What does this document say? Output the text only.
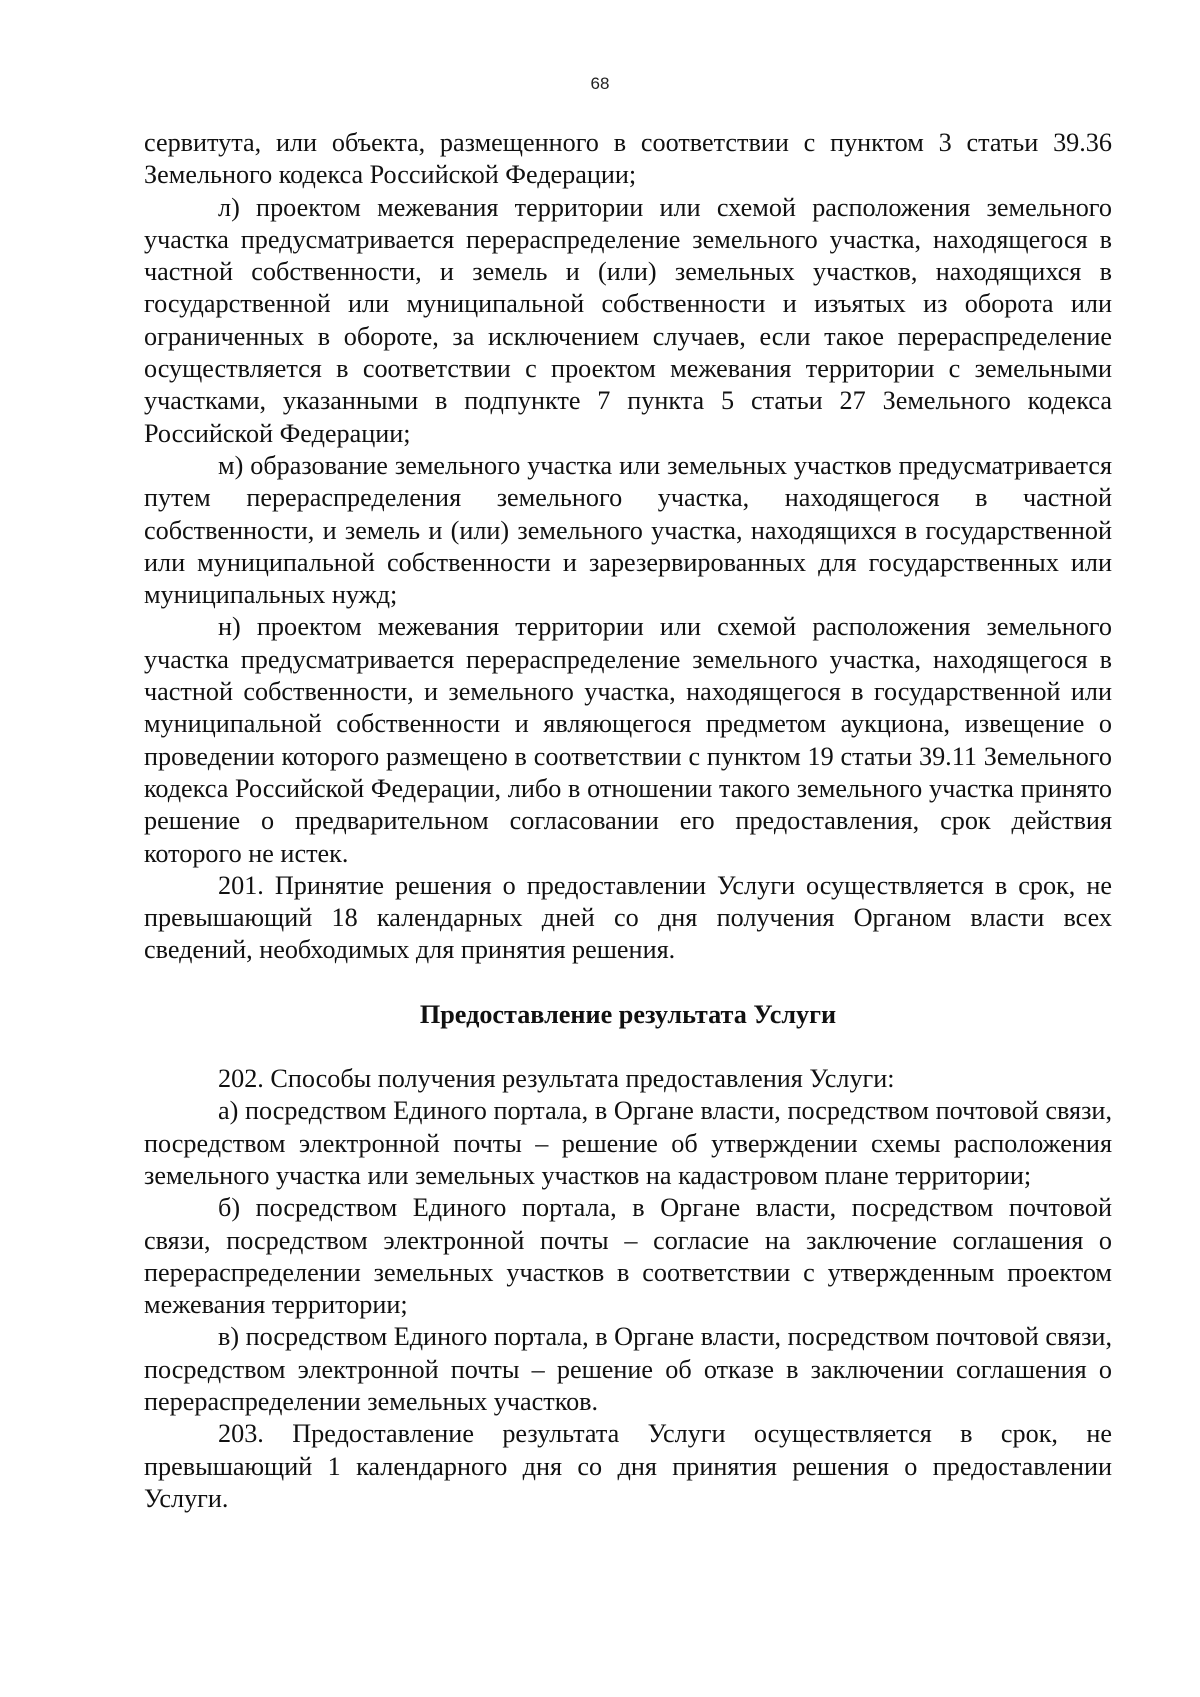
68

сервитута, или объекта, размещенного в соответствии с пунктом 3 статьи 39.36 Земельного кодекса Российской Федерации;

л) проектом межевания территории или схемой расположения земельного участка предусматривается перераспределение земельного участка, находящегося в частной собственности, и земель и (или) земельных участков, находящихся в государственной или муниципальной собственности и изъятых из оборота или ограниченных в обороте, за исключением случаев, если такое перераспределение осуществляется в соответствии с проектом межевания территории с земельными участками, указанными в подпункте 7 пункта 5 статьи 27 Земельного кодекса Российской Федерации;

м) образование земельного участка или земельных участков предусматривается путем перераспределения земельного участка, находящегося в частной собственности, и земель и (или) земельного участка, находящихся в государственной или муниципальной собственности и зарезервированных для государственных или муниципальных нужд;

н) проектом межевания территории или схемой расположения земельного участка предусматривается перераспределение земельного участка, находящегося в частной собственности, и земельного участка, находящегося в государственной или муниципальной собственности и являющегося предметом аукциона, извещение о проведении которого размещено в соответствии с пунктом 19 статьи 39.11 Земельного кодекса Российской Федерации, либо в отношении такого земельного участка принято решение о предварительном согласовании его предоставления, срок действия которого не истек.

201. Принятие решения о предоставлении Услуги осуществляется в срок, не превышающий 18 календарных дней со дня получения Органом власти всех сведений, необходимых для принятия решения.

Предоставление результата Услуги

202. Способы получения результата предоставления Услуги:

а) посредством Единого портала, в Органе власти, посредством почтовой связи, посредством электронной почты – решение об утверждении схемы расположения земельного участка или земельных участков на кадастровом плане территории;

б) посредством Единого портала, в Органе власти, посредством почтовой связи, посредством электронной почты – согласие на заключение соглашения о перераспределении земельных участков в соответствии с утвержденным проектом межевания территории;

в) посредством Единого портала, в Органе власти, посредством почтовой связи, посредством электронной почты – решение об отказе в заключении соглашения о перераспределении земельных участков.

203. Предоставление результата Услуги осуществляется в срок, не превышающий 1 календарного дня со дня принятия решения о предоставлении Услуги.
